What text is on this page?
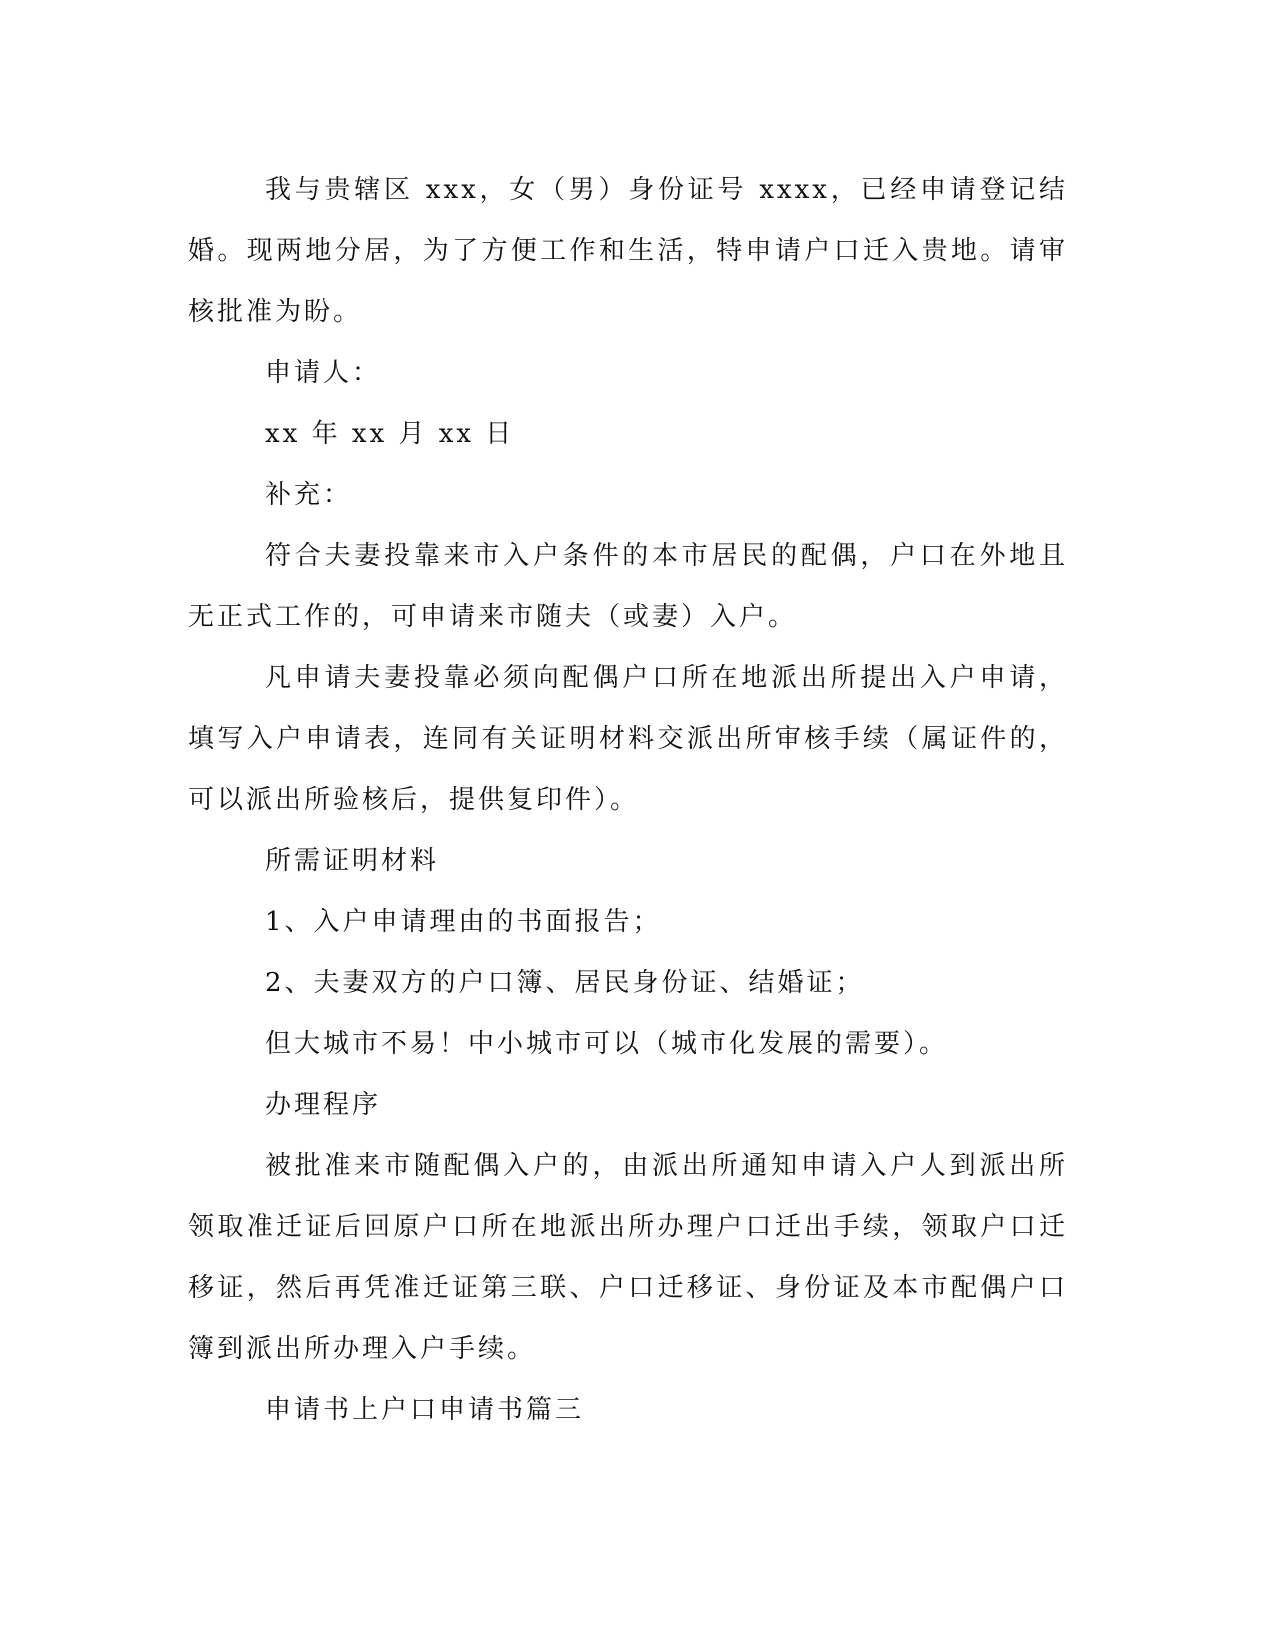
我与贵辖区 xxx，女（男）身份证号 xxxx，已经申请登记结婚。现两地分居，为了方便工作和生活，特申请户口迁入贵地。请审核批准为盼。

申请人：

xx 年 xx 月 xx 日

补充：

符合夫妻投靠来市入户条件的本市居民的配偶，户口在外地且无正式工作的，可申请来市随夫（或妻）入户。

凡申请夫妻投靠必须向配偶户口所在地派出所提出入户申请，填写入户申请表，连同有关证明材料交派出所审核手续（属证件的，可以派出所验核后，提供复印件）。

所需证明材料

1、入户申请理由的书面报告；

2、夫妻双方的户口簿、居民身份证、结婚证；

但大城市不易！中小城市可以（城市化发展的需要）。

办理程序

被批准来市随配偶入户的，由派出所通知申请入户人到派出所领取准迁证后回原户口所在地派出所办理户口迁出手续，领取户口迁移证，然后再凭准迁证第三联、户口迁移证、身份证及本市配偶户口簿到派出所办理入户手续。

申请书上户口申请书篇三
